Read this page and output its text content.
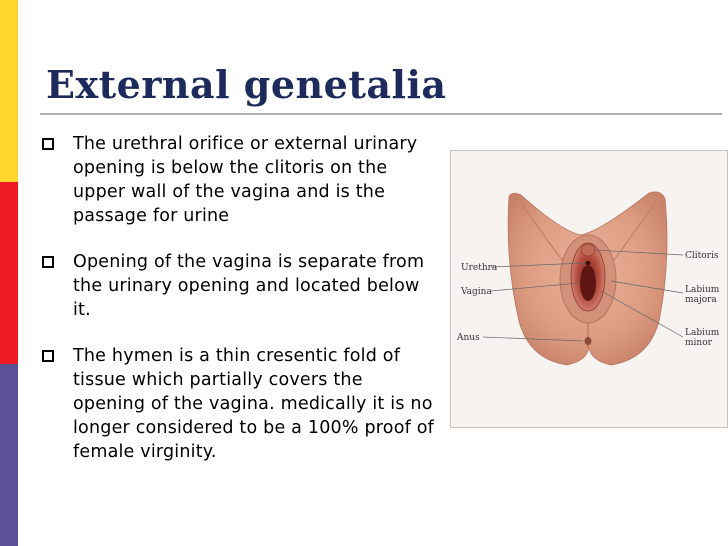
External genetalia
The urethral orifice or external urinary opening is below the clitoris on the upper wall of the vagina and is the passage for urine
Opening of the vagina is separate from the urinary opening and located below it.
The hymen is a thin cresentic fold of tissue which partially covers the opening of the vagina. medically it is no longer considered to be a 100% proof of female virginity.
Urethra
Vagina
Anus
Clitoris
Labium
majora
Labium
minor
